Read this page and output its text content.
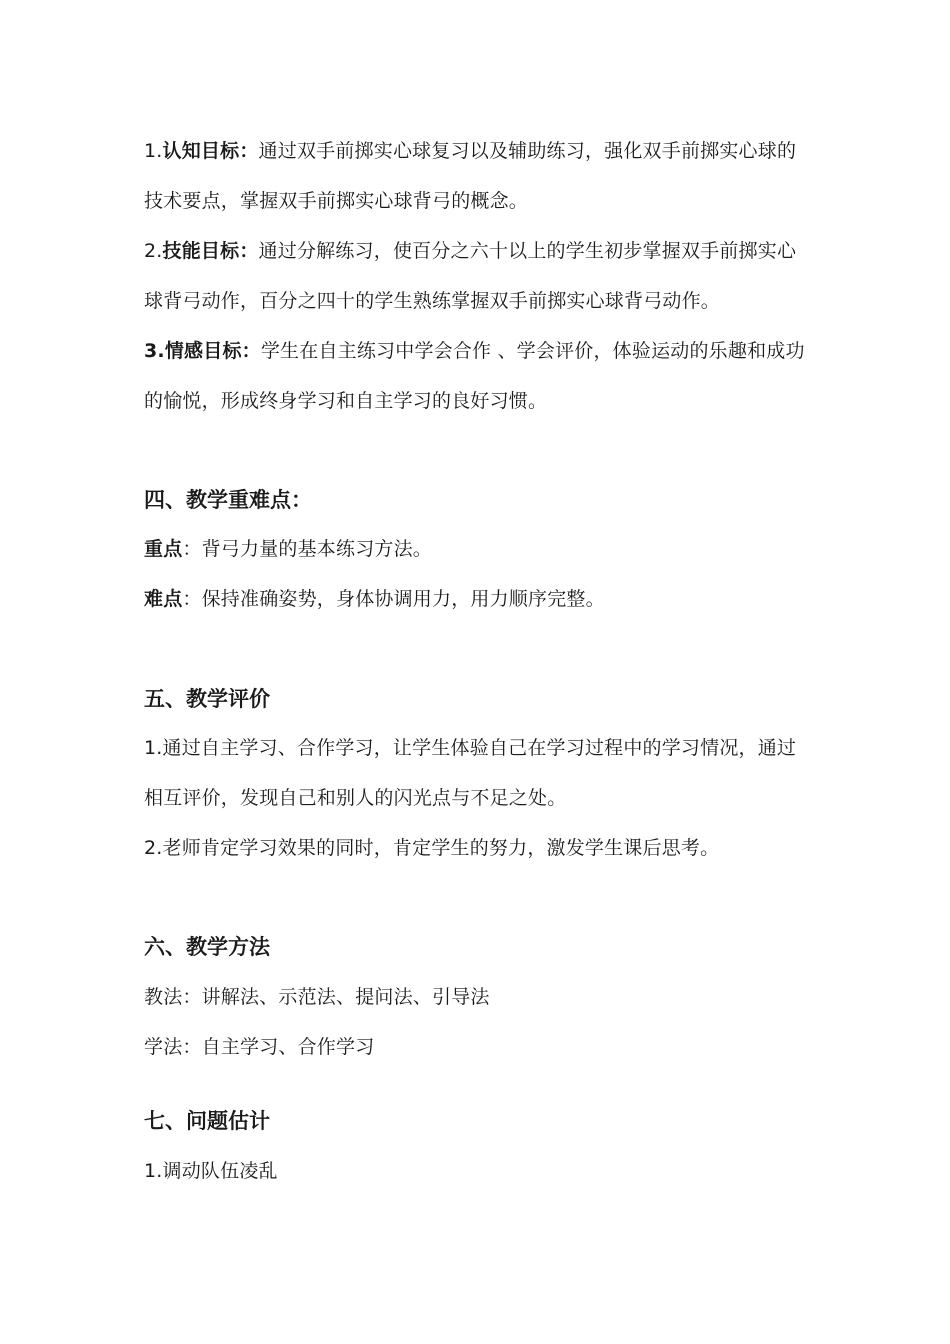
1.认知目标：通过双手前掷实心球复习以及辅助练习，强化双手前掷实心球的
技术要点，掌握双手前掷实心球背弓的概念。
2.技能目标：通过分解练习，使百分之六十以上的学生初步掌握双手前掷实心
球背弓动作，百分之四十的学生熟练掌握双手前掷实心球背弓动作。
3.情感目标：学生在自主练习中学会合作 、学会评价，体验运动的乐趣和成功
的愉悦，形成终身学习和自主学习的良好习惯。
四、教学重难点：
重点：背弓力量的基本练习方法。
难点：保持准确姿势，身体协调用力，用力顺序完整。
五、教学评价
1.通过自主学习、合作学习，让学生体验自己在学习过程中的学习情况，通过
相互评价，发现自己和别人的闪光点与不足之处。
2.老师肯定学习效果的同时，肯定学生的努力，激发学生课后思考。
六、教学方法
教法：讲解法、示范法、提问法、引导法
学法：自主学习、合作学习
七、问题估计
1.调动队伍凌乱
